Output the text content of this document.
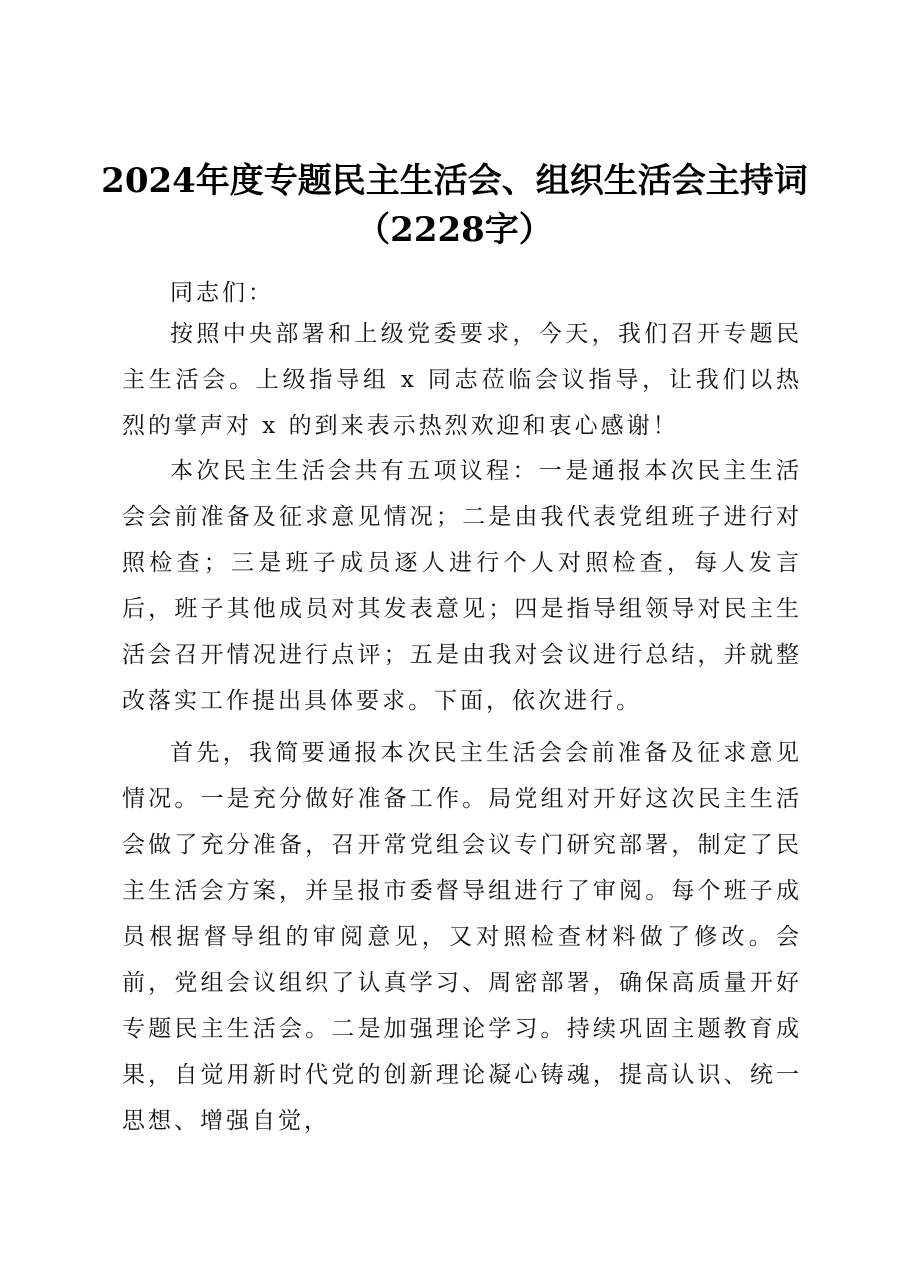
2024年度专题民主生活会、组织生活会主持词（2228字）

同志们：

按照中央部署和上级党委要求，今天，我们召开专题民主生活会。上级指导组 x 同志莅临会议指导，让我们以热烈的掌声对 x 的到来表示热烈欢迎和衷心感谢！

本次民主生活会共有五项议程：一是通报本次民主生活会会前准备及征求意见情况；二是由我代表党组班子进行对照检查；三是班子成员逐人进行个人对照检查，每人发言后，班子其他成员对其发表意见；四是指导组领导对民主生活会召开情况进行点评；五是由我对会议进行总结，并就整改落实工作提出具体要求。下面，依次进行。

首先，我简要通报本次民主生活会会前准备及征求意见情况。一是充分做好准备工作。局党组对开好这次民主生活会做了充分准备，召开常党组会议专门研究部署，制定了民主生活会方案，并呈报市委督导组进行了审阅。每个班子成员根据督导组的审阅意见，又对照检查材料做了修改。会前，党组会议组织了认真学习、周密部署，确保高质量开好专题民主生活会。二是加强理论学习。持续巩固主题教育成果，自觉用新时代党的创新理论凝心铸魂，提高认识、统一思想、增强自觉，
